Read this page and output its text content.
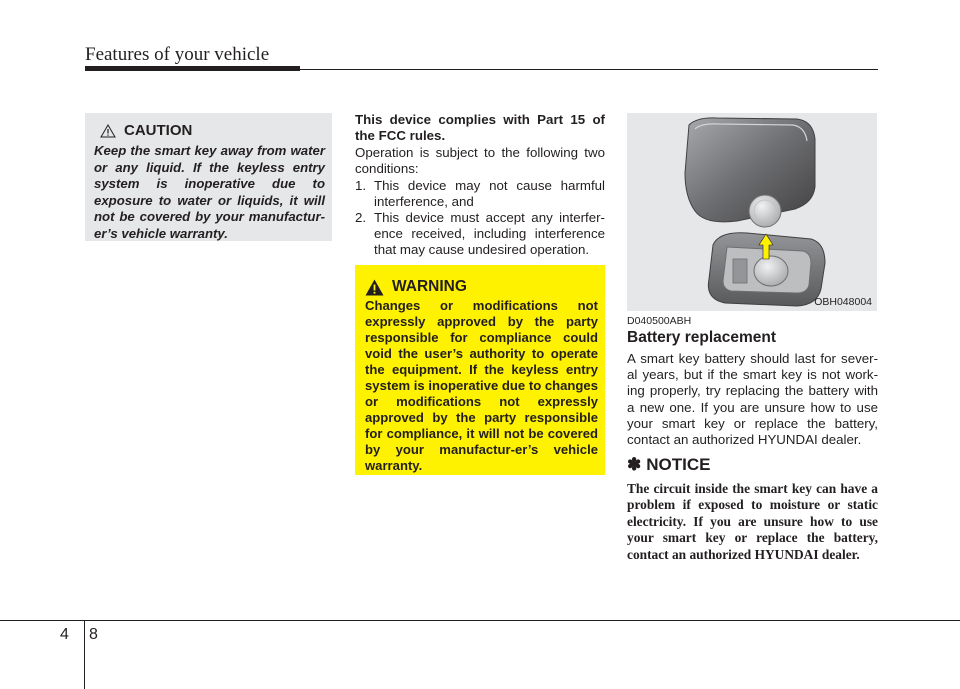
Features of your vehicle
CAUTION
Keep the smart key away from water or any liquid. If the keyless entry system is inoperative due to exposure to water or liquids, it will not be covered by your manufactur-er’s vehicle warranty.
This device complies with Part 15 of the FCC rules.
Operation is subject to the following two conditions:
1. This device may not cause harmful interference, and
2. This device must accept any interfer-ence received, including interference that may cause undesired operation.
WARNING
Changes or modifications not expressly approved by the party responsible for compliance could void the user’s authority to operate the equipment. If the keyless entry system is inoperative due to changes or modifications not expressly approved by the party responsible for compliance, it will not be covered by your manufactur-er’s vehicle warranty.
OBH048004
D040500ABH
Battery replacement
A smart key battery should last for sever-al years, but if the smart key is not work-ing properly, try replacing the battery with a new one. If you are unsure how to use your smart key or replace the battery, contact an authorized HYUNDAI dealer.
✽ NOTICE
The circuit inside the smart key can have a problem if exposed to moisture or static electricity. If you are unsure how to use your smart key or replace the battery, contact an authorized HYUNDAI dealer.
4 8
